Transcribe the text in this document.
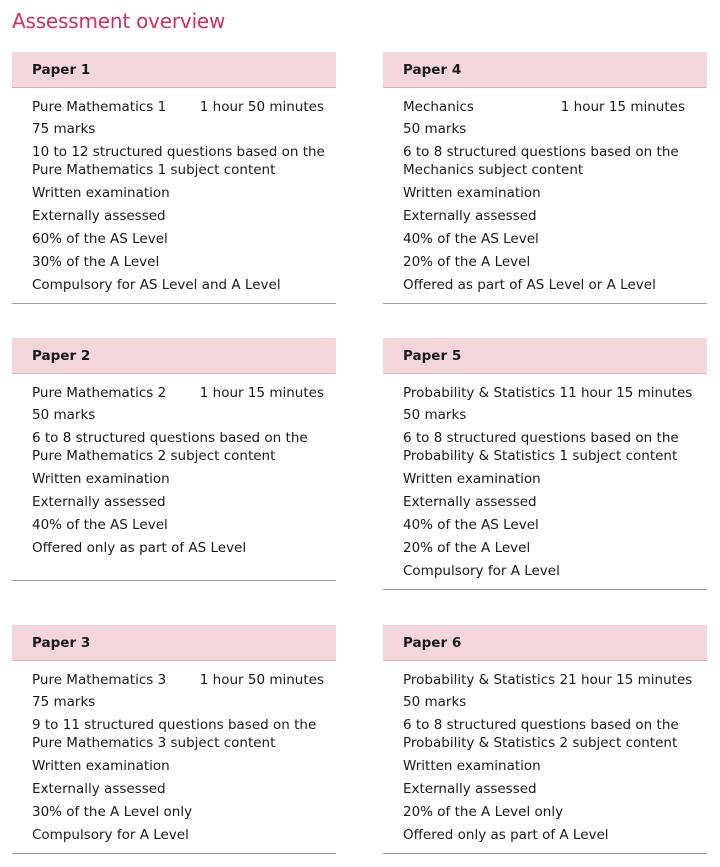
Assessment overview
Paper 1
Pure Mathematics 1 1 hour 50 minutes
75 marks
10 to 12 structured questions based on the
Pure Mathematics 1 subject content
Written examination
Externally assessed
60% of the AS Level
30% of the A Level
Compulsory for AS Level and A Level
Paper 4
Mechanics	1 hour 15 minutes
50 marks
6 to 8 structured questions based on the
Mechanics subject content
Written examination
Externally assessed
40% of the AS Level
20% of the A Level
Offered as part of AS Level or A Level
Paper 2
Pure Mathematics 2 1 hour 15 minutes
50 marks
6 to 8 structured questions based on the
Pure Mathematics 2 subject content
Written examination
Externally assessed
40% of the AS Level
Offered only as part of AS Level
Paper 5
Probability & Statistics 1 1 hour 15 minutes
50 marks
6 to 8 structured questions based on the
Probability & Statistics 1 subject content
Written examination
Externally assessed
40% of the AS Level
20% of the A Level
Compulsory for A Level
Paper 3
Pure Mathematics 3 1 hour 50 minutes
75 marks
9 to 11 structured questions based on the
Pure Mathematics 3 subject content
Written examination
Externally assessed
30% of the A Level only
Compulsory for A Level
Paper 6
Probability & Statistics 2 1 hour 15 minutes
50 marks
6 to 8 structured questions based on the
Probability & Statistics 2 subject content
Written examination
Externally assessed
20% of the A Level only
Offered only as part of A Level
